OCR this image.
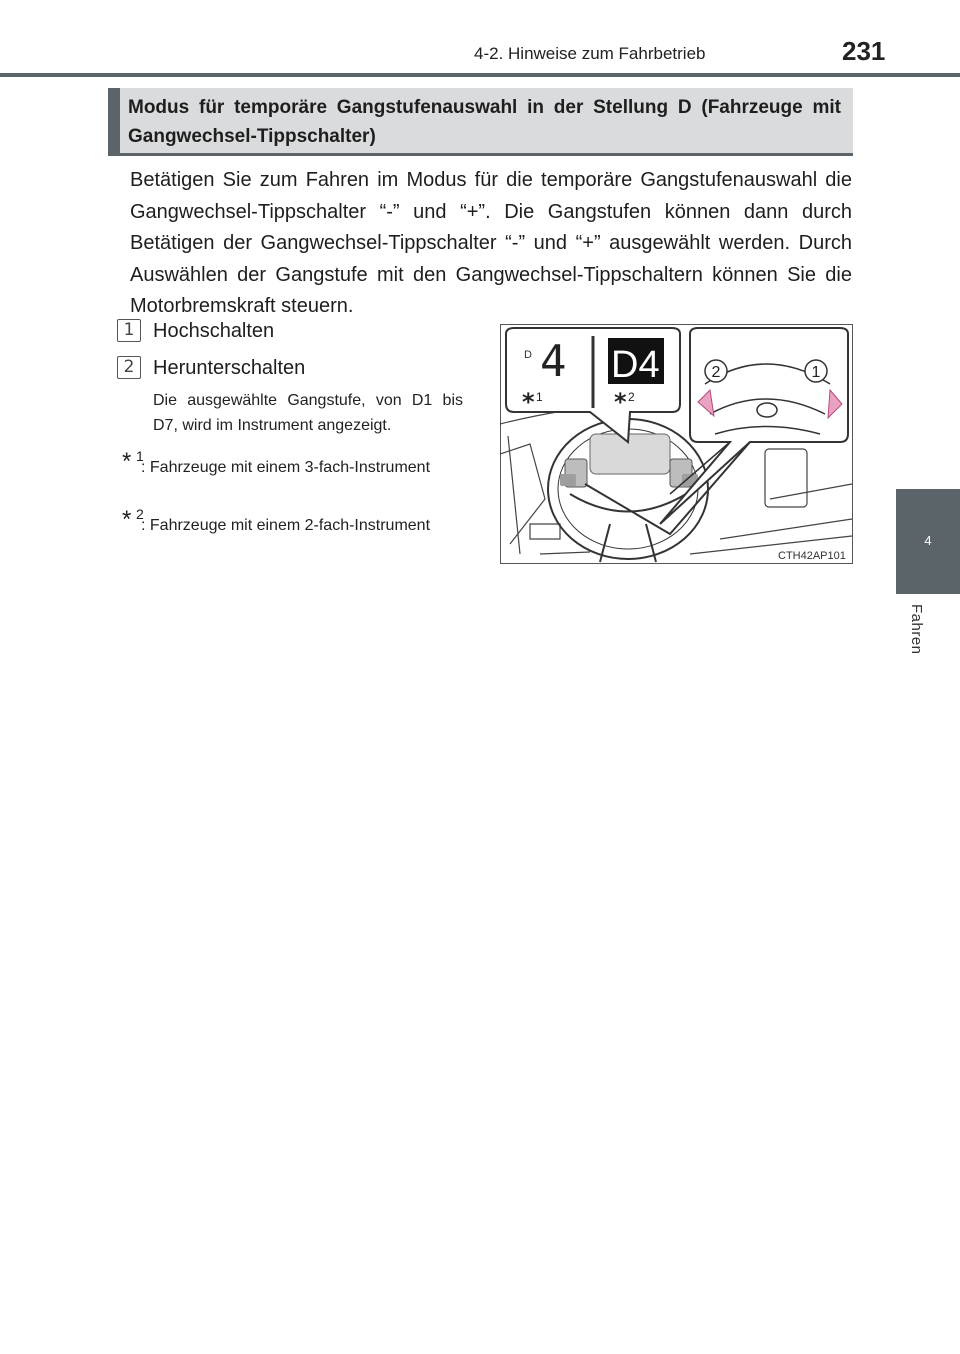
4-2. Hinweise zum Fahrbetrieb	231
4
Fahren
Modus für temporäre Gangstufenauswahl in der Stellung D (Fahrzeuge mit Gangwechsel-Tippschalter)
Betätigen Sie zum Fahren im Modus für die temporäre Gangstufenauswahl die Gangwechsel-Tippschalter “-” und “+”. Die Gangstufen können dann durch Betätigen der Gangwechsel-Tippschalter “-” und “+” ausgewählt werden. Durch Auswählen der Gangstufe mit den Gangwechsel-Tippschaltern können Sie die Motorbremskraft steuern.
1 Hochschalten
2 Herunterschalten
Die ausgewählte Gangstufe, von D1 bis D7, wird im Instrument angezeigt.
* 1
: Fahrzeuge mit einem 3-fach-Instrument
* 2
: Fahrzeuge mit einem 2-fach-Instrument
D 4 D4
* 1	* 2
2	1
CTH42AP101
